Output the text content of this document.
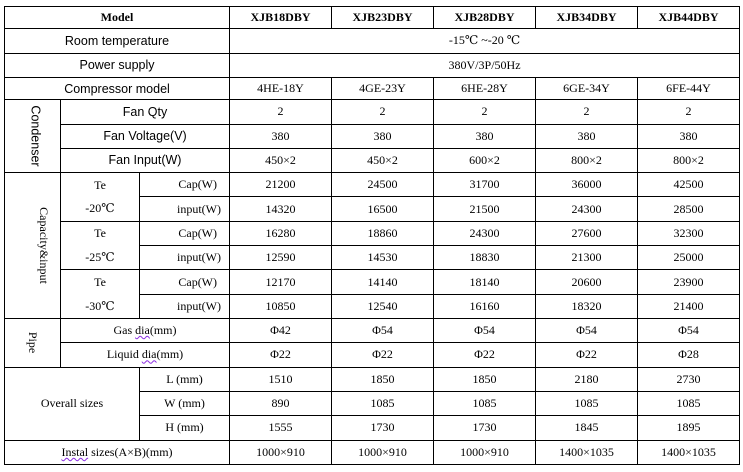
Model			XJB18DBY	XJB23DBY	XJB28DBY	XJB34DBY	XJB44DBY
Room temperature			-15℃ ~-20 ℃				
Power supply			380V/3P/50Hz				
Compressor model			4HE-18Y	4GE-23Y	6HE-28Y	6GE-34Y	6FE-44Y
Condenser	Fan Qty		2	2	2	2	2
	Fan Voltage(V)		380	380	380	380	380
	Fan Input(W)		450×2	450×2	600×2	800×2	800×2
Capacity&input	Te	Cap(W)	21200	24500	31700	36000	42500
	-20℃	input(W)	14320	16500	21500	24300	28500
	Te	Cap(W)	16280	18860	24300	27600	32300
	-25℃	input(W)	12590	14530	18830	21300	25000
	Te	Cap(W)	12170	14140	18140	20600	23900
	-30℃	input(W)	10850	12540	16160	18320	21400
Pipe	Gas dia(mm)		Φ42	Φ54	Φ54	Φ54	Φ54
	Liquid dia(mm)		Φ22	Φ22	Φ22	Φ22	Φ28
Overall sizes		L (mm)	1510	1850	1850	2180	2730
		W (mm)	890	1085	1085	1085	1085
		H (mm)	1555	1730	1730	1845	1895
Instal sizes(A×B)(mm)			1000×910	1000×910	1000×910	1400×1035	1400×1035
